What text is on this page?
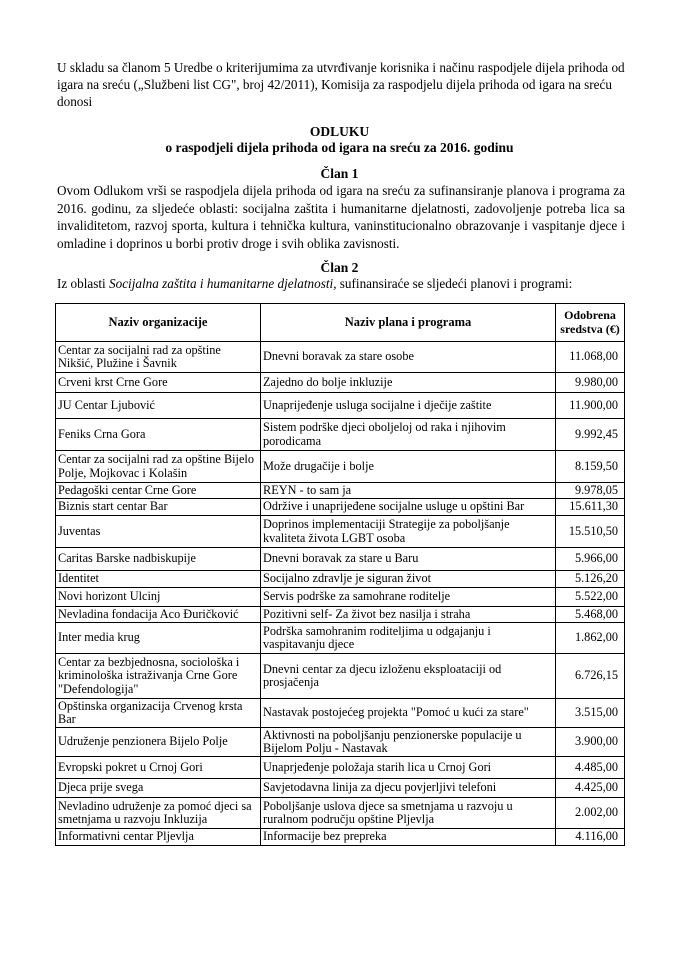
U skladu sa članom 5 Uredbe o kriterijumima za utvrđivanje korisnika i načinu raspodjele dijela prihoda od igara na sreću („Službeni list CG", broj 42/2011), Komisija za raspodjelu dijela prihoda od igara na sreću donosi
ODLUKU
o raspodjeli dijela prihoda od igara na sreću za 2016. godinu
Član 1
Ovom Odlukom vrši se raspodjela dijela prihoda od igara na sreću za sufinansiranje planova i programa za 2016. godinu, za sljedeće oblasti: socijalna zaštita i humanitarne djelatnosti, zadovoljenje potreba lica sa invaliditetom, razvoj sporta, kultura i tehnička kultura, vaninstitucionalno obrazovanje i vaspitanje djece i omladine i doprinos u borbi protiv droge i svih oblika zavisnosti.
Član 2
Iz oblasti Socijalna zaštita i humanitarne djelatnosti, sufinansiraće se sljedeći planovi i programi:
Naziv organizacije	Naziv plana i programa	Odobrena sredstva (€)
Centar za socijalni rad za opštine Nikšić, Plužine i Šavnik	Dnevni boravak za stare osobe	11.068,00
Crveni krst Crne Gore	Zajedno do bolje inkluzije	9.980,00
JU Centar Ljubović	Unaprijeđenje usluga socijalne i dječije zaštite	11.900,00
Feniks Crna Gora	Sistem podrške djeci oboljeloj od raka i njihovim porodicama	9.992,45
Centar za socijalni rad za opštine Bijelo Polje, Mojkovac i Kolašin	Može drugačije i bolje	8.159,50
Pedagoški centar Crne Gore	REYN - to sam ja	9.978,05
Biznis start centar Bar	Održive i unaprijeđene socijalne usluge u opštini Bar	15.611,30
Juventas	Doprinos implementaciji Strategije za poboljšanje kvaliteta života LGBT osoba	15.510,50
Caritas Barske nadbiskupije	Dnevni boravak za stare u Baru	5.966,00
Identitet	Socijalno zdravlje je siguran život	5.126,20
Novi horizont Ulcinj	Servis podrške za samohrane roditelje	5.522,00
Nevladina fondacija Aco Đuričković	Pozitivni self- Za život bez nasilja i straha	5.468,00
Inter media krug	Podrška samohranim roditeljima u odgajanju i vaspitavanju djece	1.862,00
Centar za bezbjednosna, sociološka i kriminološka istraživanja Crne Gore "Defendologija"	Dnevni centar za djecu izloženu eksploataciji od prosjačenja	6.726,15
Opštinska organizacija Crvenog krsta Bar	Nastavak postojećeg projekta "Pomoć u kući za stare"	3.515,00
Udruženje penzionera Bijelo Polje	Aktivnosti na poboljšanju penzionerske populacije u Bijelom Polju - Nastavak	3.900,00
Evropski pokret u Crnoj Gori	Unaprjeđenje položaja starih lica u Crnoj Gori	4.485,00
Djeca prije svega	Savjetodavna linija za djecu povjerljivi telefoni	4.425,00
Nevladino udruženje za pomoć djeci sa smetnjama u razvoju Inkluzija	Poboljšanje uslova djece sa smetnjama u razvoju u ruralnom području opštine Pljevlja	2.002,00
Informativni centar Pljevlja	Informacije bez prepreka	4.116,00
